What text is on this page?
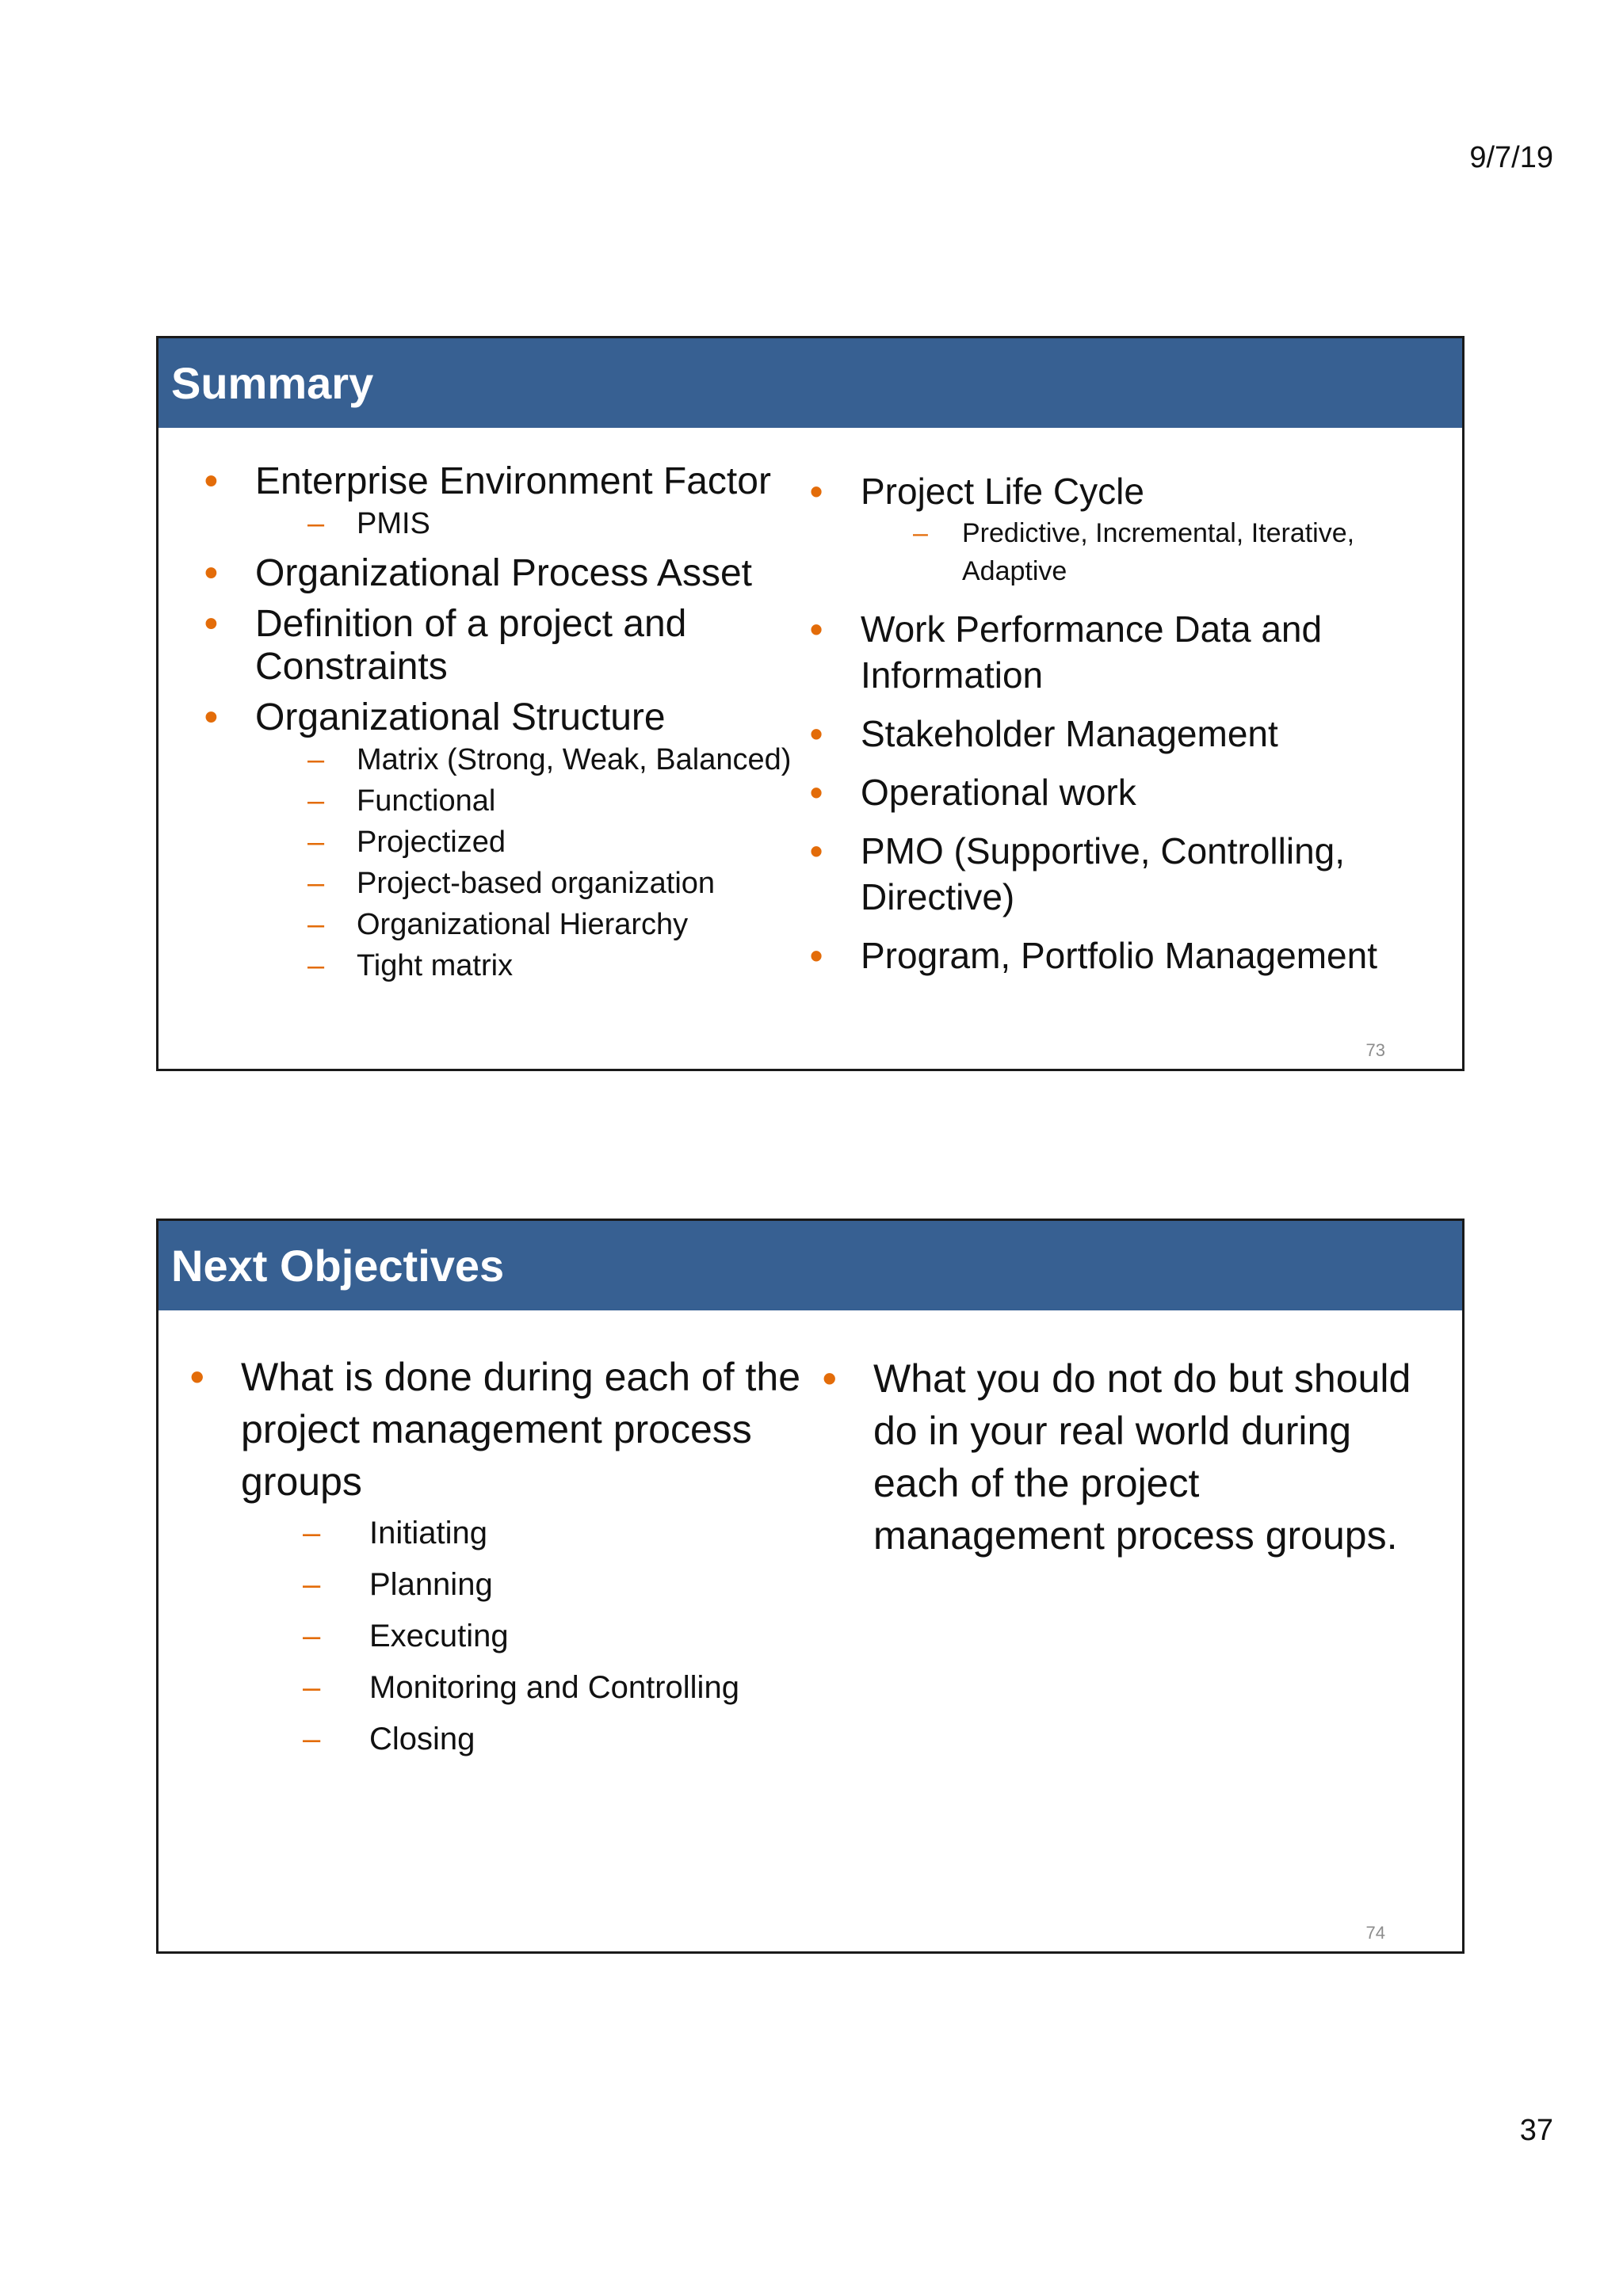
9/7/19
Summary
• Enterprise Environment Factor
– PMIS
• Organizational Process Asset
• Definition of a project and Constraints
• Organizational Structure
– Matrix (Strong, Weak, Balanced)
– Functional
– Projectized
– Project-based organization
– Organizational Hierarchy
– Tight matrix
• Project Life Cycle
– Predictive, Incremental, Iterative, Adaptive
• Work Performance Data and Information
• Stakeholder Management
• Operational work
• PMO (Supportive, Controlling, Directive)
• Program, Portfolio Management
73
Next Objectives
• What is done during each of the project management process groups
– Initiating
– Planning
– Executing
– Monitoring and Controlling
– Closing
• What you do not do but should do in your real world during each of the project management process groups.
74
37
